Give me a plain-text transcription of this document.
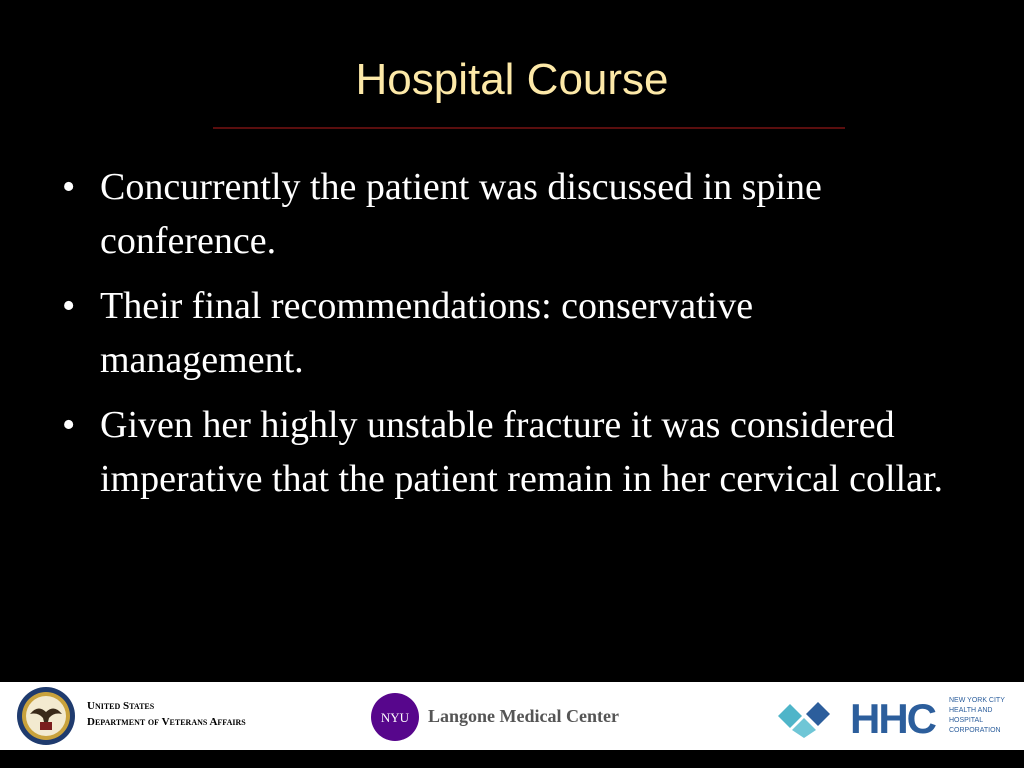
Hospital Course
• Concurrently the patient was discussed in spine conference.
• Their final recommendations: conservative management.
• Given her highly unstable fracture it was considered imperative that the patient remain in her cervical collar.
United States
Department of Veterans Affairs	NYU Langone Medical Center	HHC NEW YORK CITY
HEALTH AND
HOSPITAL
CORPORATION
